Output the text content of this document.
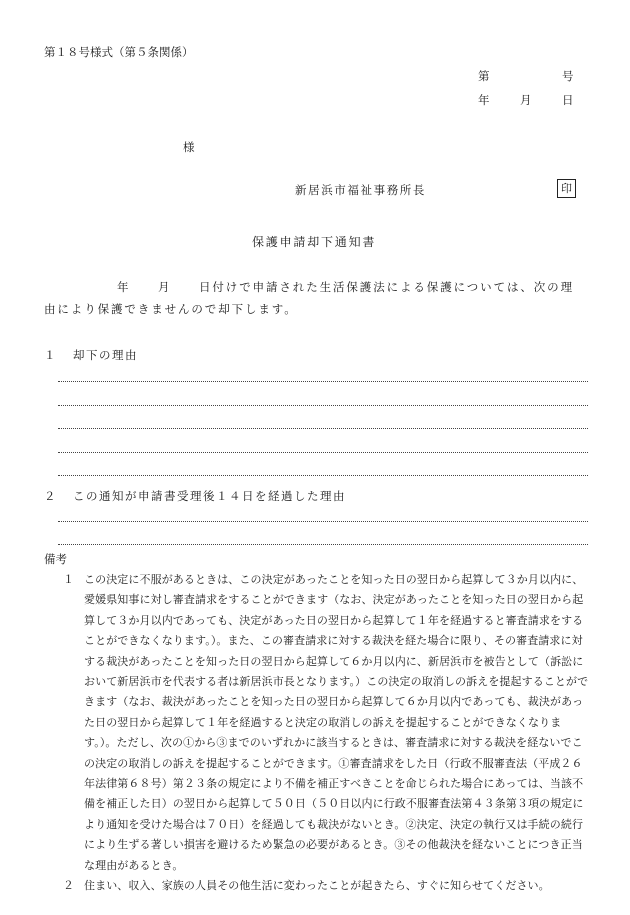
第１８号様式（第５条関係）
第	号
年	月	日
様
新居浜市福祉事務所長	印
保護申請却下通知書
年	月	日付けで申請された生活保護法による保護については、次の理
由により保護できませんので却下します。
１ 却下の理由
２ この通知が申請書受理後１４日を経過した理由
備考
１ この決定に不服があるときは、この決定があったことを知った日の翌日から起算して３か月以内に、愛媛県知事に対し審査請求をすることができます（なお、決定があったことを知った日の翌日から起算して３か月以内であっても、決定があった日の翌日から起算して１年を経過すると審査請求をすることができなくなります。）。また、この審査請求に対する裁決を経た場合に限り、その審査請求に対する裁決があったことを知った日の翌日から起算して６か月以内に、新居浜市を被告として（訴訟において新居浜市を代表する者は新居浜市長となります。）この決定の取消しの訴えを提起することができます（なお、裁決があったことを知った日の翌日から起算して６か月以内であっても、裁決があった日の翌日から起算して１年を経過すると決定の取消しの訴えを提起することができなくなります。）。ただし、次の①から③までのいずれかに該当するときは、審査請求に対する裁決を経ないでこの決定の取消しの訴えを提起することができます。①審査請求をした日（行政不服審査法（平成２６年法律第６８号）第２３条の規定により不備を補正すべきことを命じられた場合にあっては、当該不備を補正した日）の翌日から起算して５０日（５０日以内に行政不服審査法第４３条第３項の規定により通知を受けた場合は７０日）を経過しても裁決がないとき。②決定、決定の執行又は手続の続行により生ずる著しい損害を避けるため緊急の必要があるとき。③その他裁決を経ないことにつき正当な理由があるとき。
２ 住まい、収入、家族の人員その他生活に変わったことが起きたら、すぐに知らせてください。
